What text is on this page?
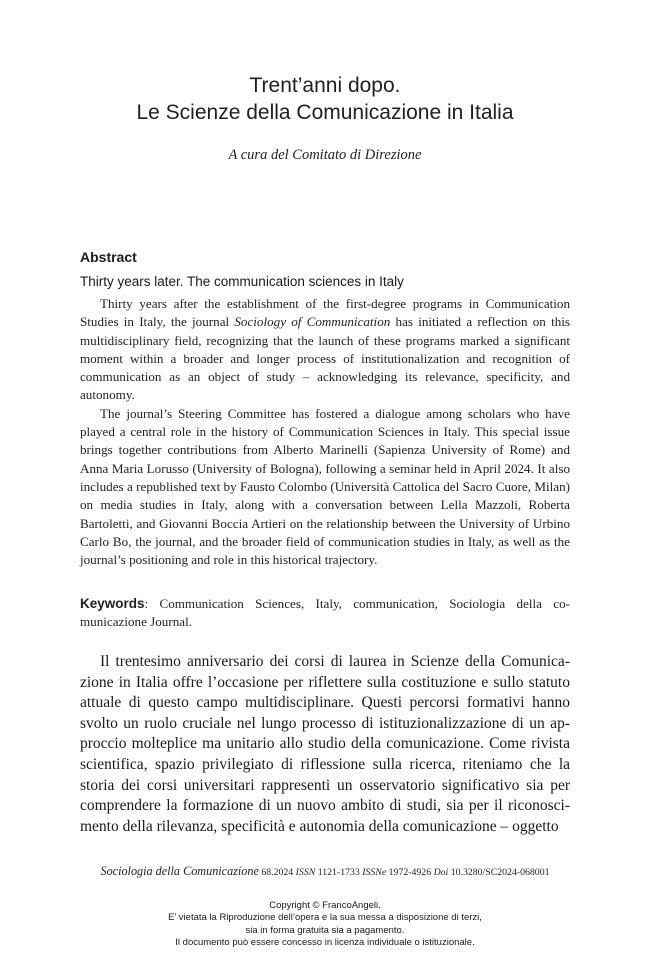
Trent’anni dopo.
Le Scienze della Comunicazione in Italia
A cura del Comitato di Direzione
Abstract
Thirty years later. The communication sciences in Italy

Thirty years after the establishment of the first-degree programs in Communication Studies in Italy, the journal Sociology of Communication has initiated a reflection on this multidisciplinary field, recognizing that the launch of these programs marked a significant moment within a broader and longer process of institutionalization and recognition of communication as an object of study – acknowledging its relevance, specificity, and autonomy.

The journal’s Steering Committee has fostered a dialogue among scholars who have played a central role in the history of Communication Sciences in Italy. This special issue brings together contributions from Alberto Marinelli (Sapienza University of Rome) and Anna Maria Lorusso (University of Bologna), following a seminar held in April 2024. It also includes a republished text by Fausto Colombo (Università Cattolica del Sacro Cuore, Milan) on media studies in Italy, along with a conversation between Lella Mazzoli, Roberta Bartoletti, and Giovanni Boccia Artieri on the relationship between the University of Urbino Carlo Bo, the journal, and the broader field of communication studies in Italy, as well as the journal’s positioning and role in this historical trajectory.

Keywords: Communication Sciences, Italy, communication, Sociologia della comunicazione Journal.

Il trentesimo anniversario dei corsi di laurea in Scienze della Comunicazione in Italia offre l’occasione per riflettere sulla costituzione e sullo statuto attuale di questo campo multidisciplinare. Questi percorsi formativi hanno svolto un ruolo cruciale nel lungo processo di istituzionalizzazione di un approccio molteplice ma unitario allo studio della comunicazione. Come rivista scientifica, spazio privilegiato di riflessione sulla ricerca, riteniamo che la storia dei corsi universitari rappresenti un osservatorio significativo sia per comprendere la formazione di un nuovo ambito di studi, sia per il riconoscimento della rilevanza, specificità e autonomia della comunicazione – oggetto

Sociologia della Comunicazione 68.2024 ISSN 1121-1733 ISSNe 1972-4926 Doi 10.3280/SC2024-068001
Copyright © FrancoAngeli.
E’ vietata la Riproduzione dell’opera e la sua messa a disposizione di terzi,
sia in forma gratuita sia a pagamento.
Il documento può essere concesso in licenza individuale o istituzionale.
